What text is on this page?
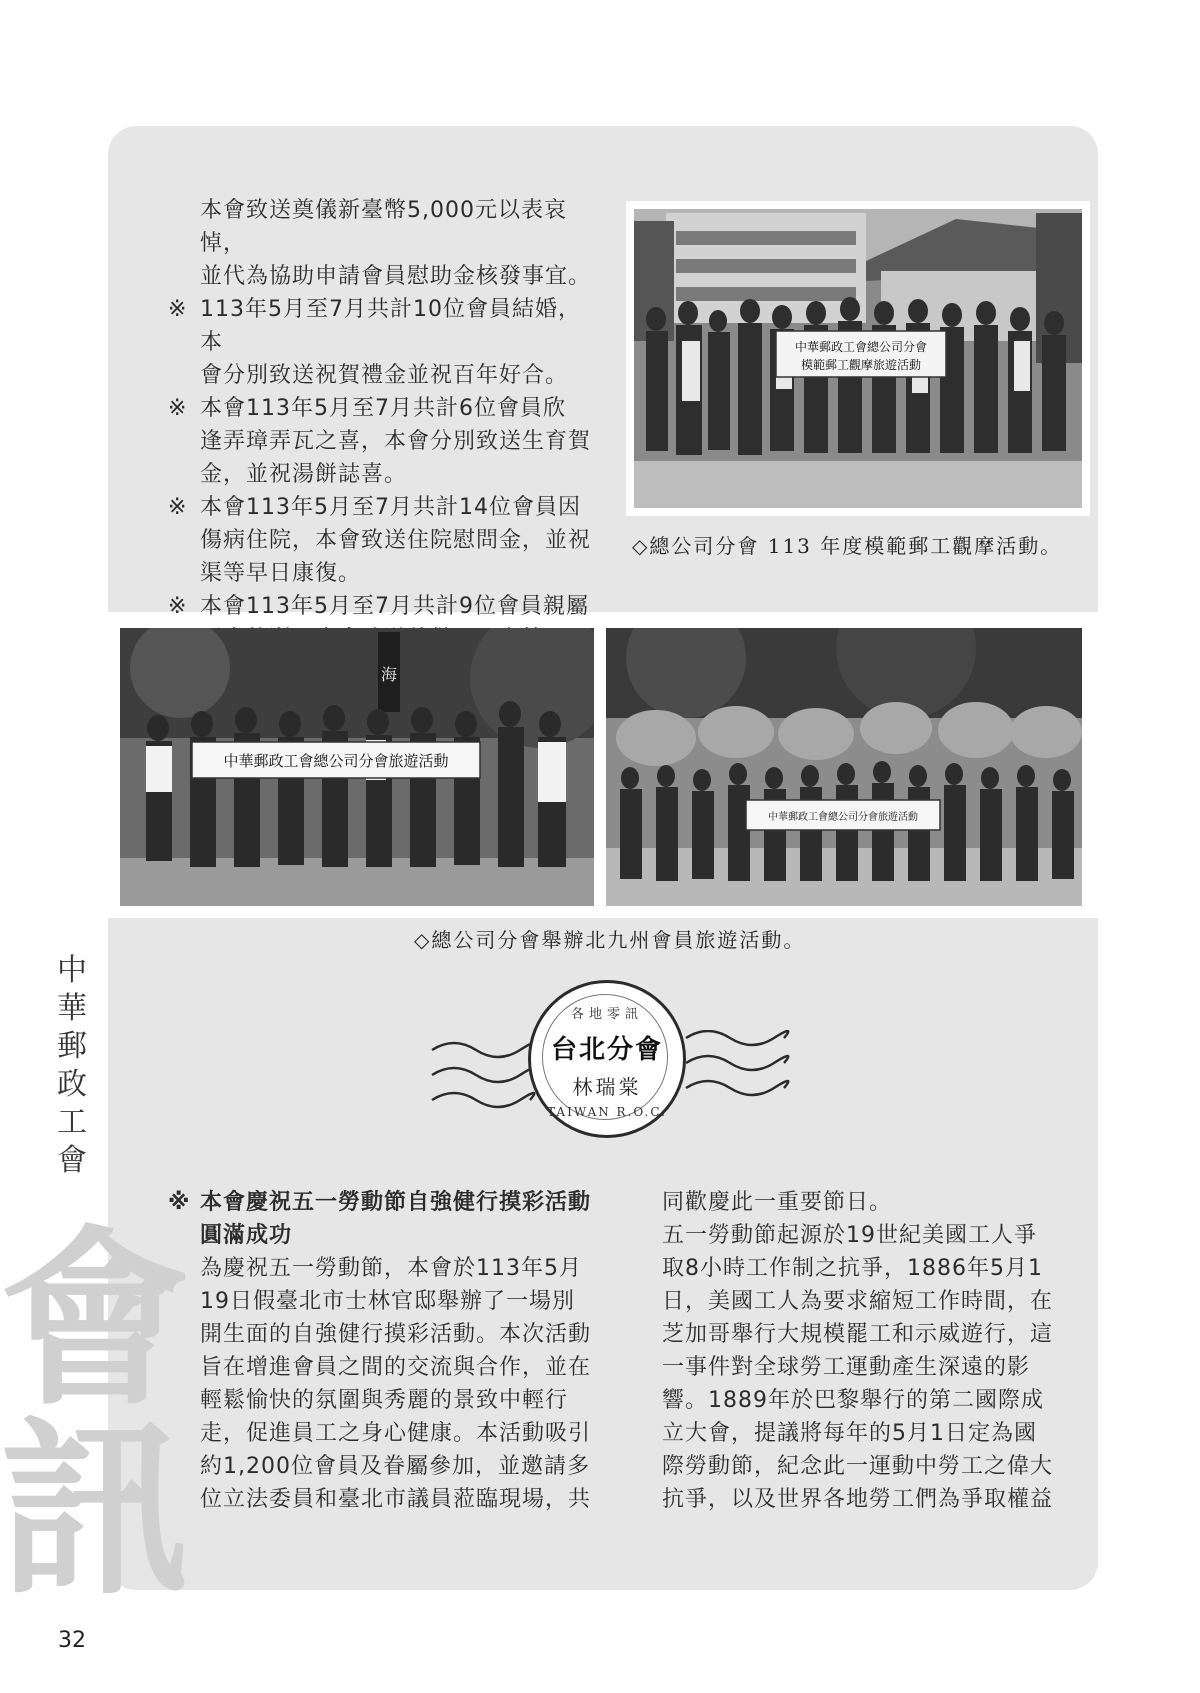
會
訊
本會致送奠儀新臺幣5,000元以表哀悼，
並代為協助申請會員慰助金核發事宜。
※ 113年5月至7月共計10位會員結婚，本
會分別致送祝賀禮金並祝百年好合。
※ 本會113年5月至7月共計6位會員欣
逢弄璋弄瓦之喜，本會分別致送生育賀
金，並祝湯餅誌喜。
※ 本會113年5月至7月共計14位會員因
傷病住院，本會致送住院慰問金，並祝
渠等早日康復。
※ 本會113年5月至7月共計9位會員親屬
中華郵政工會總公司分會
模範郵工觀摩旅遊活動
◇總公司分會 113 年度模範郵工觀摩活動。
海
中華郵政工會總公司分會旅遊活動
中華郵政工會總公司分會旅遊活動
◇總公司分會舉辦北九州會員旅遊活動。
中
華
郵
政
工
會
各地零訊
台北分會
林瑞棠
TAIWAN R.O.C.
※ 本會慶祝五一勞動節自強健行摸彩活動
圓滿成功
為慶祝五一勞動節，本會於113年5月
19日假臺北市士林官邸舉辦了一場別
開生面的自強健行摸彩活動。本次活動
旨在增進會員之間的交流與合作，並在
輕鬆愉快的氛圍與秀麗的景致中輕行
走，促進員工之身心健康。本活動吸引
約1,200位會員及眷屬參加，並邀請多
位立法委員和臺北市議員蒞臨現場，共
同歡慶此一重要節日。
五一勞動節起源於19世紀美國工人爭
取8小時工作制之抗爭，1886年5月1
日，美國工人為要求縮短工作時間，在
芝加哥舉行大規模罷工和示威遊行，這
一事件對全球勞工運動產生深遠的影
響。1889年於巴黎舉行的第二國際成
立大會，提議將每年的5月1日定為國
際勞動節，紀念此一運動中勞工之偉大
抗爭，以及世界各地勞工們為爭取權益
32
